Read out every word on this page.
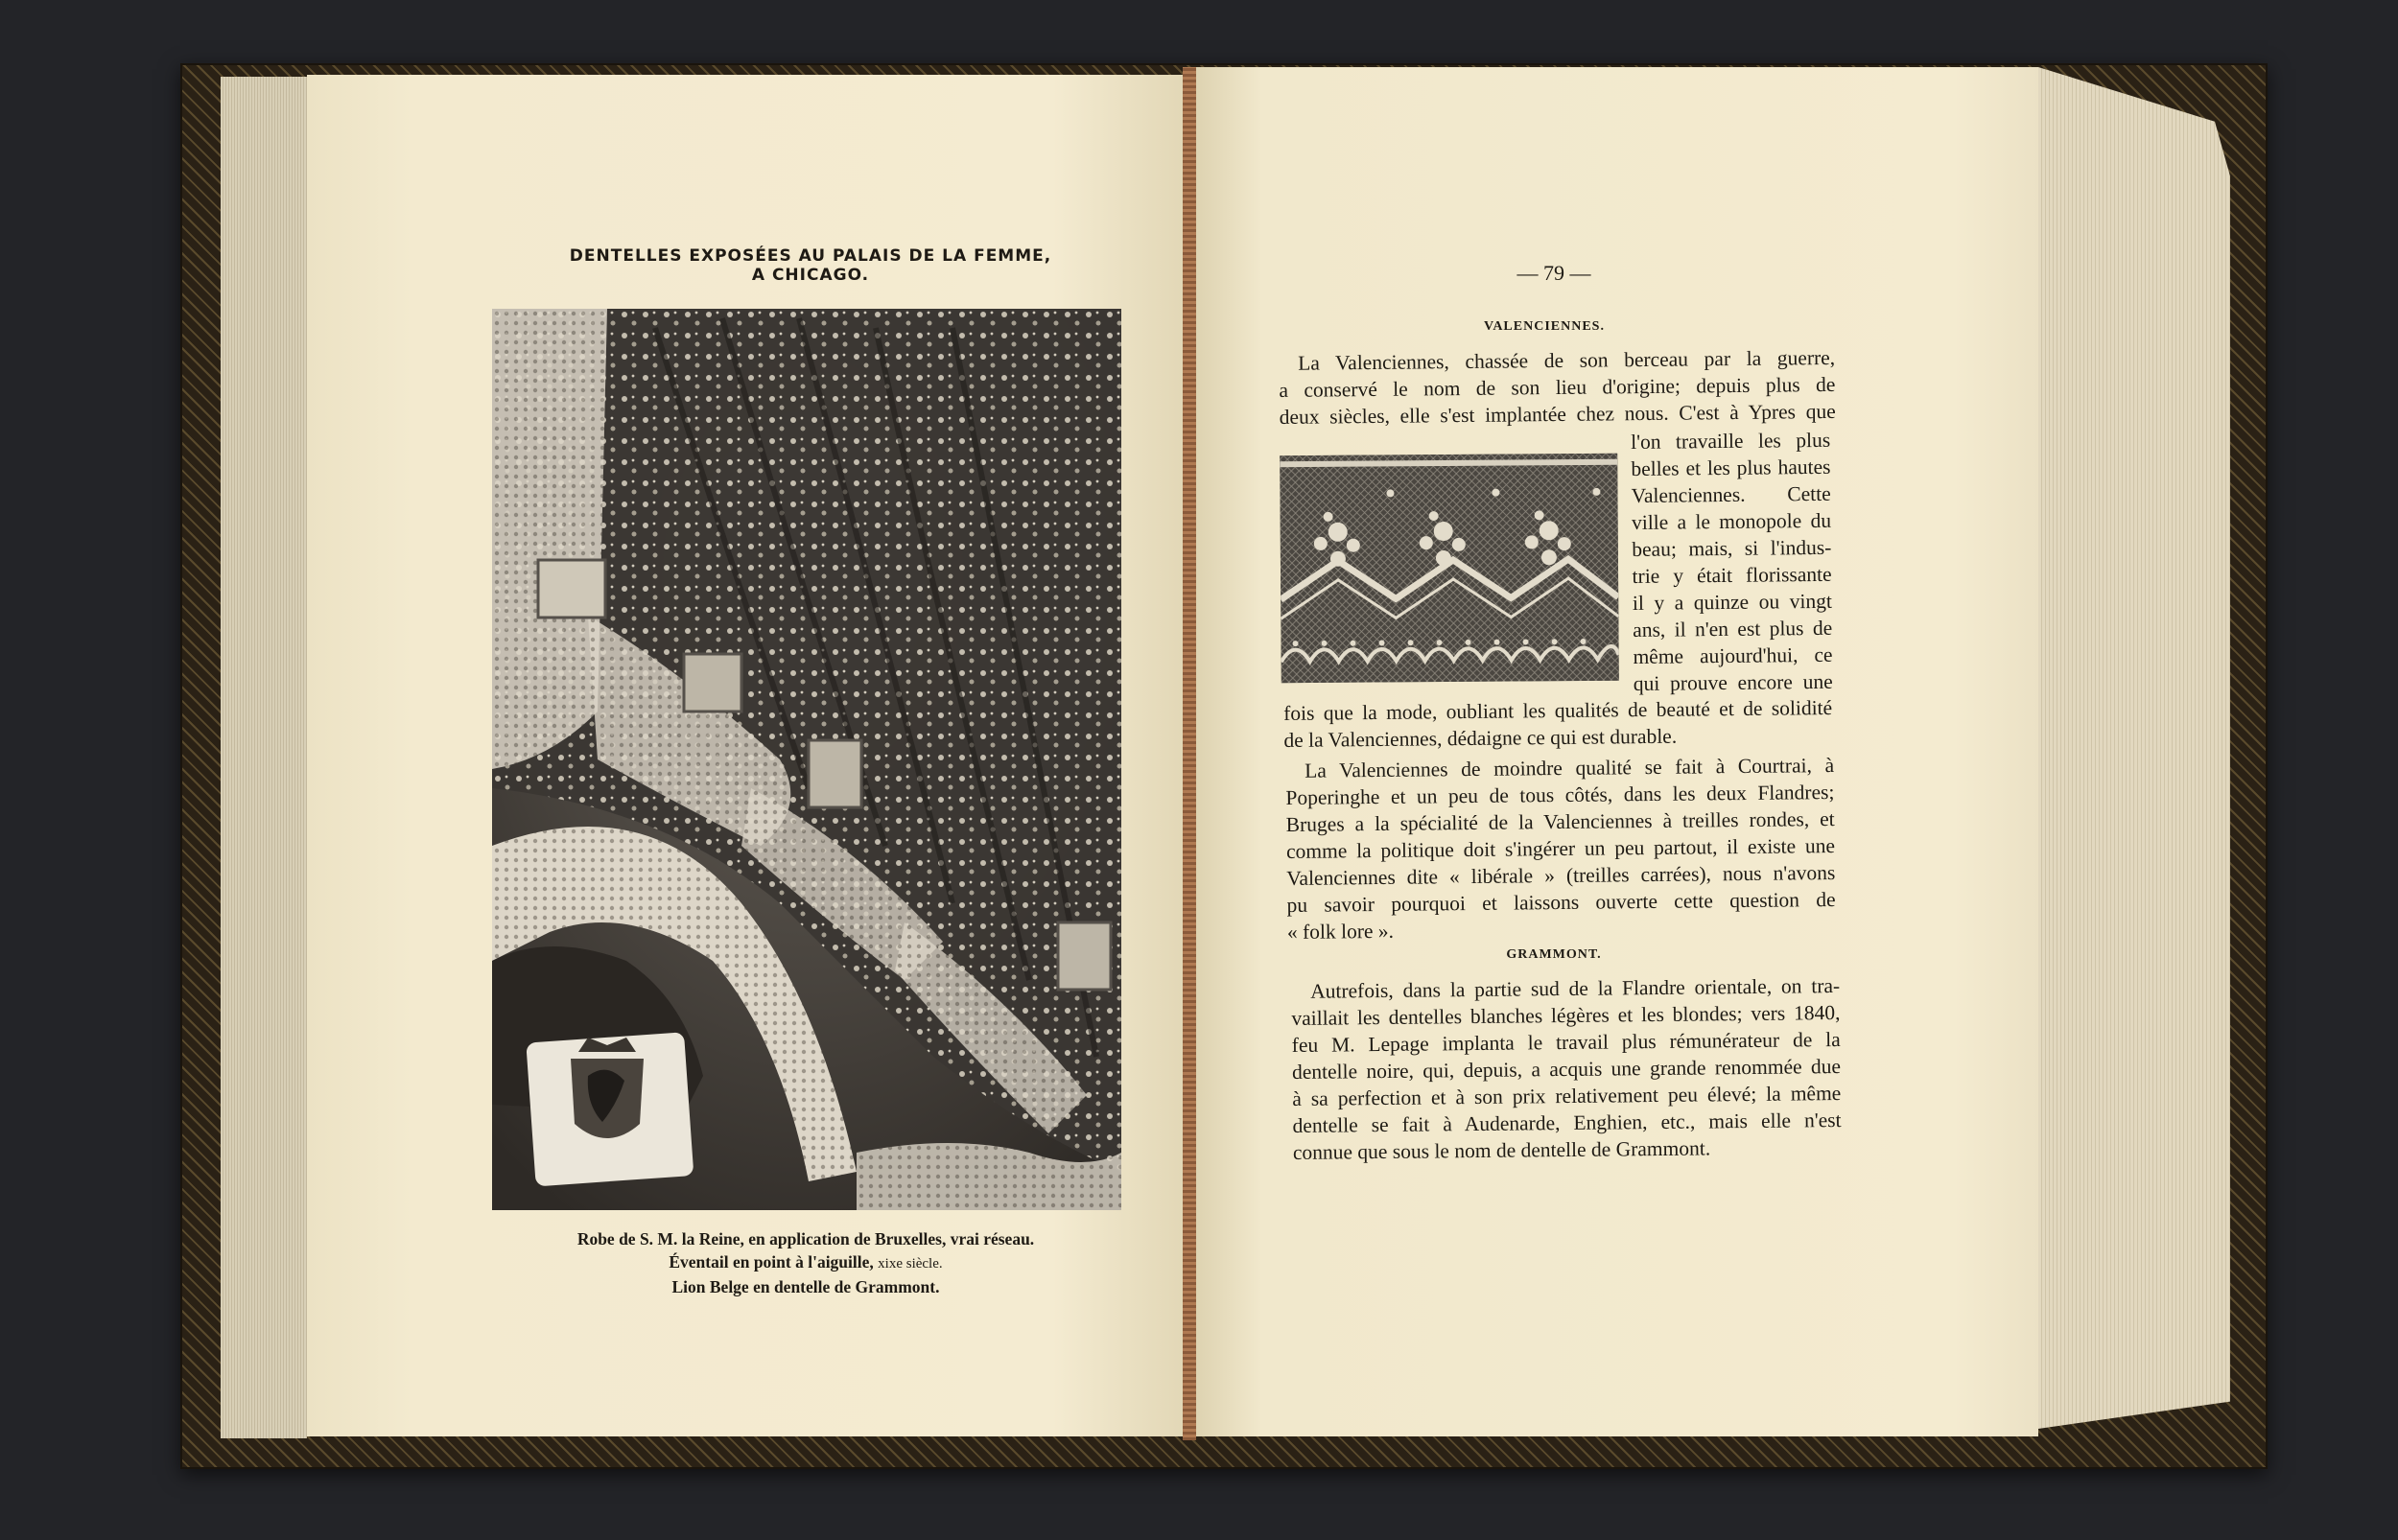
DENTELLES EXPOSÉES AU PALAIS DE LA FEMME, A CHICAGO.
Robe de S. M. la Reine, en application de Bruxelles, vrai réseau.
Éventail en point à l'aiguille, xixe siècle.
Lion Belge en dentelle de Grammont.
— 79 —
VALENCIENNES.
La Valenciennes, chassée de son berceau par la guerre,
a conservé le nom de son lieu d'origine; depuis plus de
deux siècles, elle s'est implantée chez nous. C'est à Ypres que
l'on travaille les plus
belles et les plus hautes
Valenciennes. Cette
ville a le monopole du
beau; mais, si l'indus-
trie y était florissante
il y a quinze ou vingt
ans, il n'en est plus de
même aujourd'hui, ce
qui prouve encore une
fois que la mode, oubliant les qualités de beauté et de solidité
de la Valenciennes, dédaigne ce qui est durable.
La Valenciennes de moindre qualité se fait à Courtrai, à
Poperinghe et un peu de tous côtés, dans les deux Flandres;
Bruges a la spécialité de la Valenciennes à treilles rondes, et
comme la politique doit s'ingérer un peu partout, il existe une
Valenciennes dite « libérale » (treilles carrées), nous n'avons
pu savoir pourquoi et laissons ouverte cette question de
« folk lore ».
GRAMMONT.
Autrefois, dans la partie sud de la Flandre orientale, on tra-
vaillait les dentelles blanches légères et les blondes; vers 1840,
feu M. Lepage implanta le travail plus rémunérateur de la
dentelle noire, qui, depuis, a acquis une grande renommée due
à sa perfection et à son prix relativement peu élevé; la même
dentelle se fait à Audenarde, Enghien, etc., mais elle n'est
connue que sous le nom de dentelle de Grammont.
